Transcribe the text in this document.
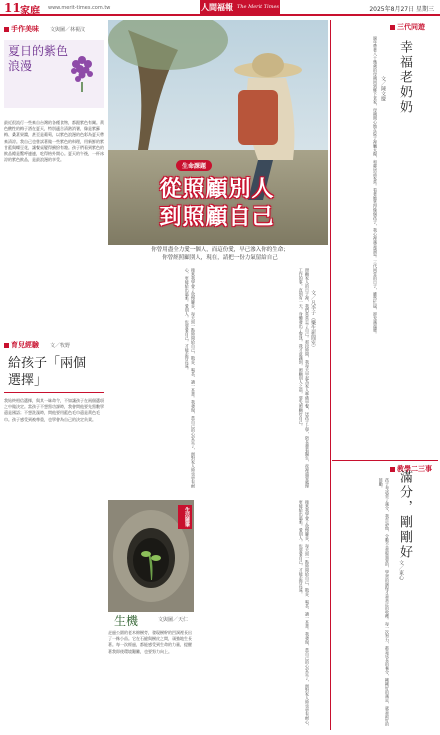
11 家庭 www.merit-times.com.tw	人間福報 The Merit Times	2025年8月27日 星期三
手作美味 文與圖／林視汶
夏日的紫色浪漫
最近很流行一些來自台灣的各種食物，都跟紫色有關。黃色酸性的梅子酒在夏天，特別適合清熱消暑，像是紫蘇梅、桑葚果醬，甚至是葡萄，以紫色浪漫的色彩為夏天帶來清涼。我自己也嘗試著做一些紫色的料理，用新鮮的紫甘藍與蝶豆花，讓餐桌變得繽紛有趣。孩子們看到紫色的飲品總是驚呼連連，吃得格外開心。夏天的午後，一杯冰涼的紫色飲品，是最浪漫的享受。
育兒經驗 文／牧野
給孩子「兩個選擇」
我始終相信選擇，與其一昧命令，不如讓孩子在兩個選項之中做決定。當孩子不想寫功課時，我會問他要先寫數學還是國語；不想洗澡時，問他要用藍色毛巾還是黃色毛巾。孩子感受到被尊重，也學會為自己的決定負責。
生命課題
從照顧別人
到照顧自己
你曾用盡全力愛一個人，而這份愛，早已滲入你的生命；
你曾經照顧別人，現在，請把一份力氣留給自己
照顧家人的日子裡，我們常常忘了自己。那段時間，我每天早起為家人準備早餐，送孩子上學，陪長輩看醫生，夜裡還要處理工作的事。直到有一天，身體發出了警訊，我才意識到，照顧別人之前，要先照顧好自己。
後來我學會了放慢腳步，每天留一點時間給自己，散步、喝茶、讀一本書。我發現，當自己的心安定了，面對家人時也更有耐心，更能給出溫柔。愛別人，也要愛自己，才能走得長遠。	文／凡李子（樂生新聞室）
後來我學會了放慢腳步，每天留一點時間給自己，散步、喝茶、讀一本書。我發現，當自己的心安定了，面對家人時也更有耐心，更能給出溫柔。愛別人，也要愛自己，才能走得長遠。
生活隨筆
生機	文與圖／天仁
走過公園的老木棉樹旁，發現樹幹的凹洞裡長出了一株小苗。它在石縫與樹皮之間，頑強地生長著。每一次經過，都能感受到生命的力量，提醒著我即使環境艱難，也要努力向上。
三代同遊
幸福老奶奶
文／陳文慶
過年帶著八十幾歲的母親回到鄉下老家，母親開心地在院子裡曬太陽，和鄰居話家常。看著她笑得像個孩子，我心裡滿是感恩。三代同堂的日子，雖然忙碌，卻充滿溫暖。
教學二三事
滿分，剛剛好
文／東心
孩子考試拿了滿分，我告訴他，分數不是最重要的，學習的過程才是真正的收穫。每一次努力，都是成長的養分，剛剛好的滿足，就是最好的鼓勵。
